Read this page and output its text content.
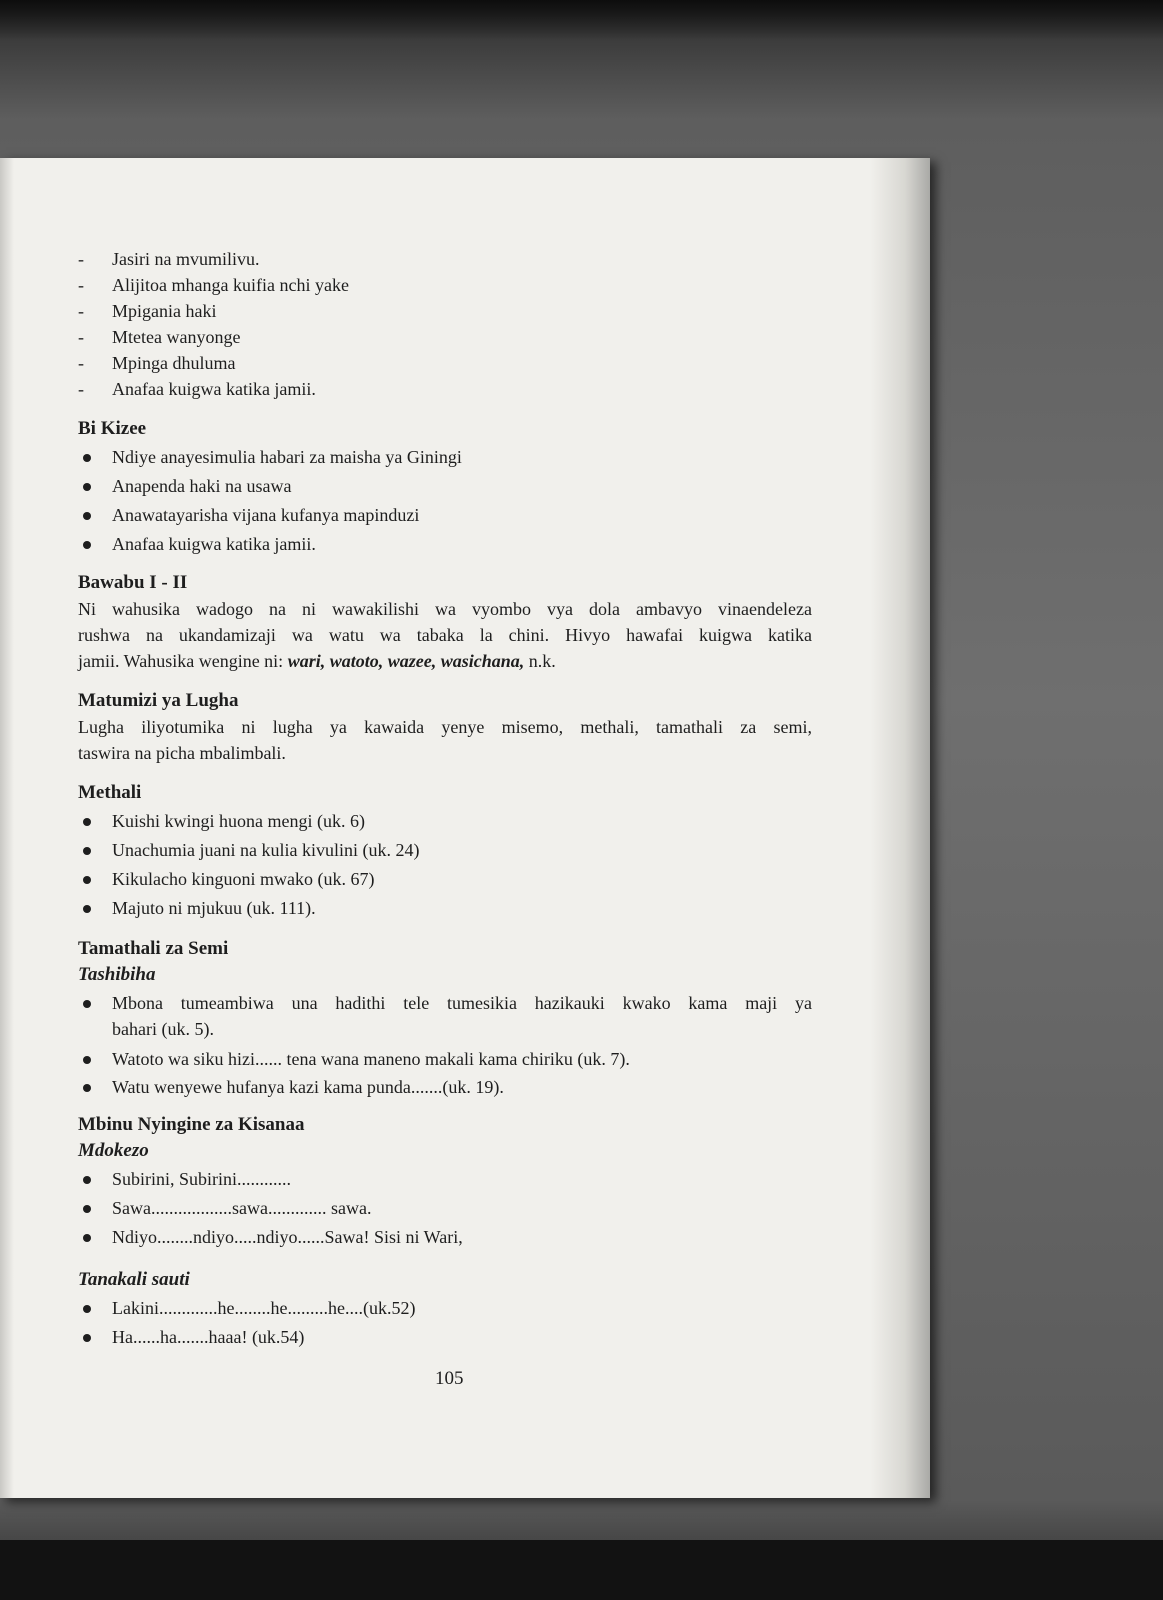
- Jasiri na mvumilivu.
- Alijitoa mhanga kuifia nchi yake
- Mpigania haki
- Mtetea wanyonge
- Mpinga dhuluma
- Anafaa kuigwa katika jamii.
Bi Kizee
Ndiye anayesimulia habari za maisha ya Giningi
Anapenda haki na usawa
Anawatayarisha vijana kufanya mapinduzi
Anafaa kuigwa katika jamii.
Bawabu I - II
Ni wahusika wadogo na ni wawakilishi wa vyombo vya dola ambavyo vinaendeleza
rushwa na ukandamizaji wa watu wa tabaka la chini. Hivyo hawafai kuigwa katika
jamii. Wahusika wengine ni: wari, watoto, wazee, wasichana, n.k.
Matumizi ya Lugha
Lugha iliyotumika ni lugha ya kawaida yenye misemo, methali, tamathali za semi,
taswira na picha mbalimbali.
Methali
Kuishi kwingi huona mengi (uk. 6)
Unachumia juani na kulia kivulini (uk. 24)
Kikulacho kinguoni mwako (uk. 67)
Majuto ni mjukuu (uk. 111).
Tamathali za Semi
Tashibiha
Mbona tumeambiwa una hadithi tele tumesikia hazikauki kwako kama maji ya
bahari (uk. 5).
Watoto wa siku hizi...... tena wana maneno makali kama chiriku (uk. 7).
Watu wenyewe hufanya kazi kama punda.......(uk. 19).
Mbinu Nyingine za Kisanaa
Mdokezo
Subirini, Subirini............
Sawa..................sawa............. sawa.
Ndiyo........ndiyo.....ndiyo......Sawa! Sisi ni Wari,
Tanakali sauti
Lakini.............he........he.........he....(uk.52)
Ha......ha.......haaa! (uk.54)
105
